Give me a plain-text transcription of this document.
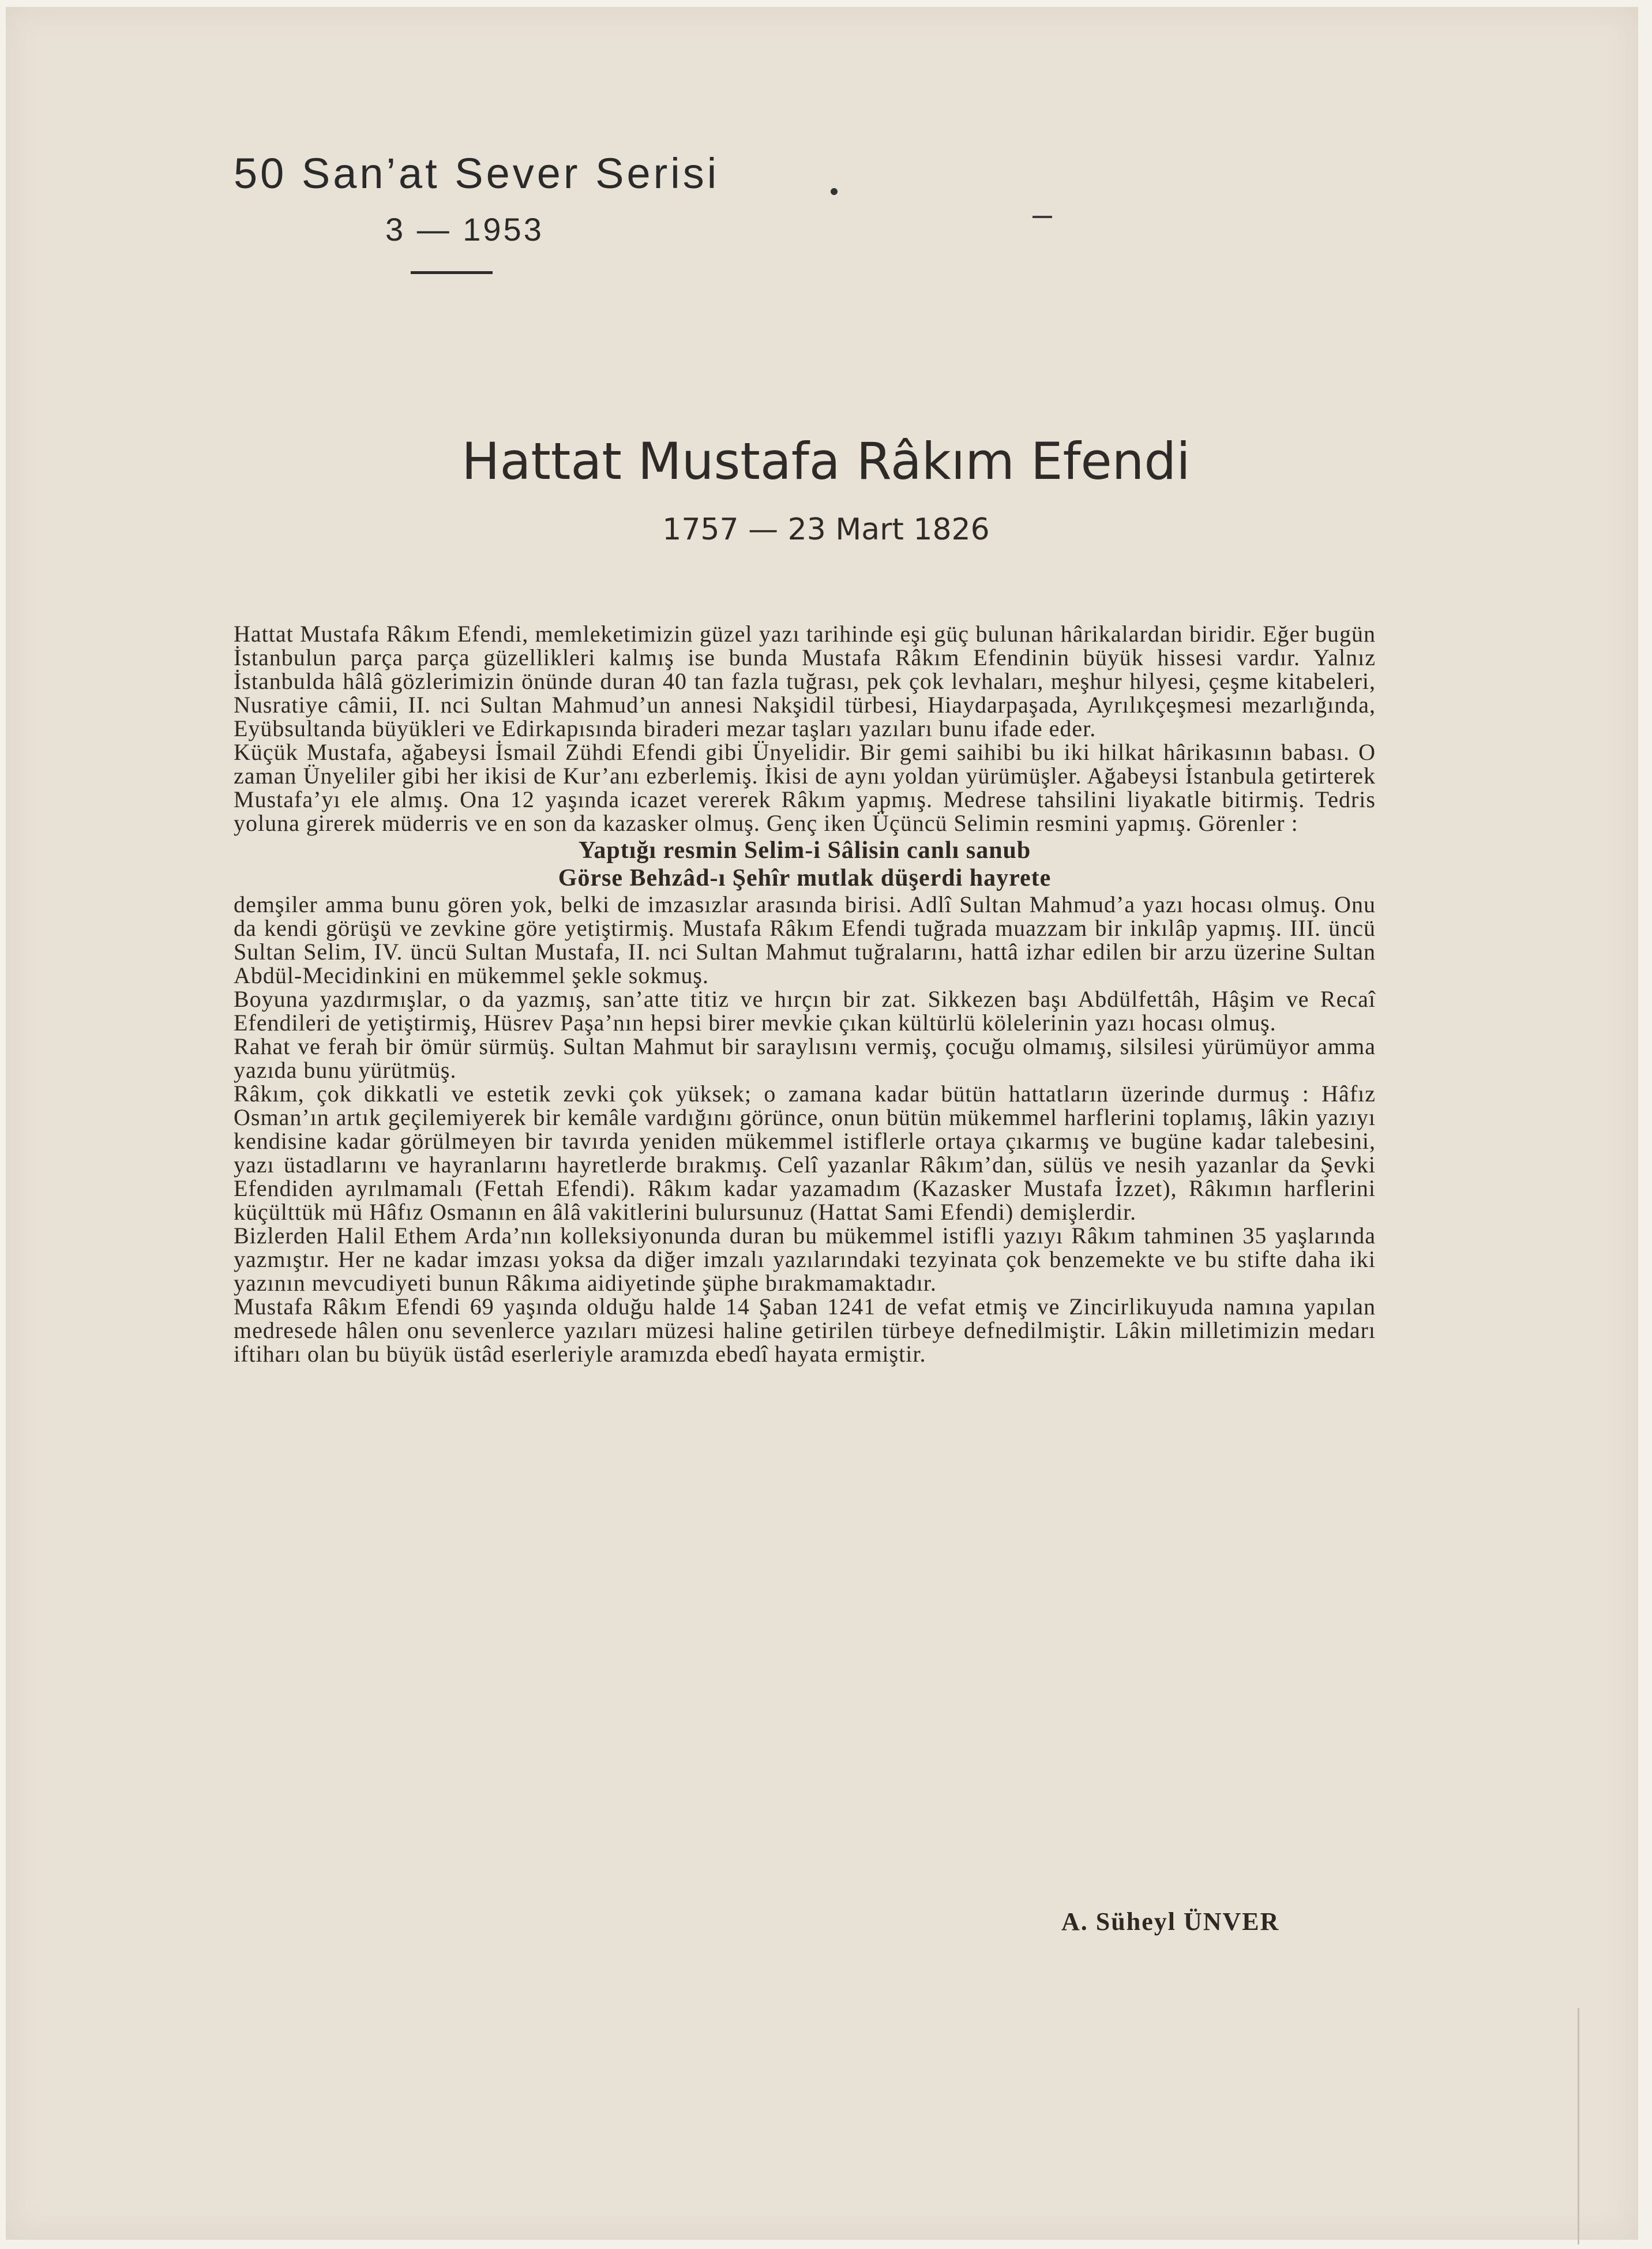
50 San’at Sever Serisi
3 — 1953
Hattat Mustafa Râkım Efendi
1757 — 23 Mart 1826

Hattat Mustafa Râkım Efendi, memleketimizin güzel yazı tarihinde eşi güç bulunan hârikalardan biridir. Eğer bugün İstanbulun parça parça güzellikleri kalmış ise bunda Mustafa Râkım Efendinin büyük hissesi vardır. Yalnız İstanbulda hâlâ gözlerimizin önünde duran 40 tan fazla tuğrası, pek çok levhaları, meşhur hilyesi, çeşme kitabeleri, Nusratiye câmii, II. nci Sultan Mahmud’un annesi Nakşidil türbesi, Hiaydarpaşada, Ayrılıkçeşmesi mezarlığında, Eyübsultanda büyükleri ve Edirkapısında biraderi mezar taşları yazıları bunu ifade eder.

Küçük Mustafa, ağabeysi İsmail Zühdi Efendi gibi Ünyelidir. Bir gemi saihibi bu iki hilkat hârikasının babası. O zaman Ünyeliler gibi her ikisi de Kur’anı ezberlemiş. İkisi de aynı yoldan yürümüşler. Ağabeysi İstanbula getirterek Mustafa’yı ele almış. Ona 12 yaşında icazet vererek Râkım yapmış. Medrese tahsilini liyakatle bitirmiş. Tedris yoluna girerek müderris ve en son da kazasker olmuş. Genç iken Üçüncü Selimin resmini yapmış. Görenler :

Yaptığı resmin Selim-i Sâlisin canlı sanub
Görse Behzâd-ı Şehîr mutlak düşerdi hayrete

demşiler amma bunu gören yok, belki de imzasızlar arasında birisi. Adlî Sultan Mahmud’a yazı hocası olmuş. Onu da kendi görüşü ve zevkine göre yetiştirmiş. Mustafa Râkım Efendi tuğrada muazzam bir inkılâp yapmış. III. üncü Sultan Selim, IV. üncü Sultan Mustafa, II. nci Sultan Mahmut tuğralarını, hattâ izhar edilen bir arzu üzerine Sultan Abdül-Mecidinkini en mükemmel şekle sokmuş.

Boyuna yazdırmışlar, o da yazmış, san’atte titiz ve hırçın bir zat. Sikkezen başı Abdülfettâh, Hâşim ve Recaî Efendileri de yetiştirmiş, Hüsrev Paşa’nın hepsi birer mevkie çıkan kültürlü kölelerinin yazı hocası olmuş.

Rahat ve ferah bir ömür sürmüş. Sultan Mahmut bir saraylısını vermiş, çocuğu olmamış, silsilesi yürümüyor amma yazıda bunu yürütmüş.

Râkım, çok dikkatli ve estetik zevki çok yüksek; o zamana kadar bütün hattatların üzerinde durmuş : Hâfız Osman’ın artık geçilemiyerek bir kemâle vardığını görünce, onun bütün mükemmel harflerini toplamış, lâkin yazıyı kendisine kadar görülmeyen bir tavırda yeniden mükemmel istiflerle ortaya çıkarmış ve bugüne kadar talebesini, yazı üstadlarını ve hayranlarını hayretlerde bırakmış. Celî yazanlar Râkım’dan, sülüs ve nesih yazanlar da Şevki Efendiden ayrılmamalı (Fettah Efendi). Râkım kadar yazamadım (Kazasker Mustafa İzzet), Râkımın harflerini küçülttük mü Hâfız Osmanın en âlâ vakitlerini bulursunuz (Hattat Sami Efendi) demişlerdir.

Bizlerden Halil Ethem Arda’nın kolleksiyonunda duran bu mükemmel istifli yazıyı Râkım tahminen 35 yaşlarında yazmıştır. Her ne kadar imzası yoksa da diğer imzalı yazılarındaki tezyinata çok benzemekte ve bu stifte daha iki yazının mevcudiyeti bunun Râkıma aidiyetinde şüphe bırakmamaktadır.

Mustafa Râkım Efendi 69 yaşında olduğu halde 14 Şaban 1241 de vefat etmiş ve Zincirlikuyuda namına yapılan medresede hâlen onu sevenlerce yazıları müzesi haline getirilen türbeye defnedilmiştir. Lâkin milletimizin medarı iftiharı olan bu büyük üstâd eserleriyle aramızda ebedî hayata ermiştir.

A. Süheyl ÜNVER
